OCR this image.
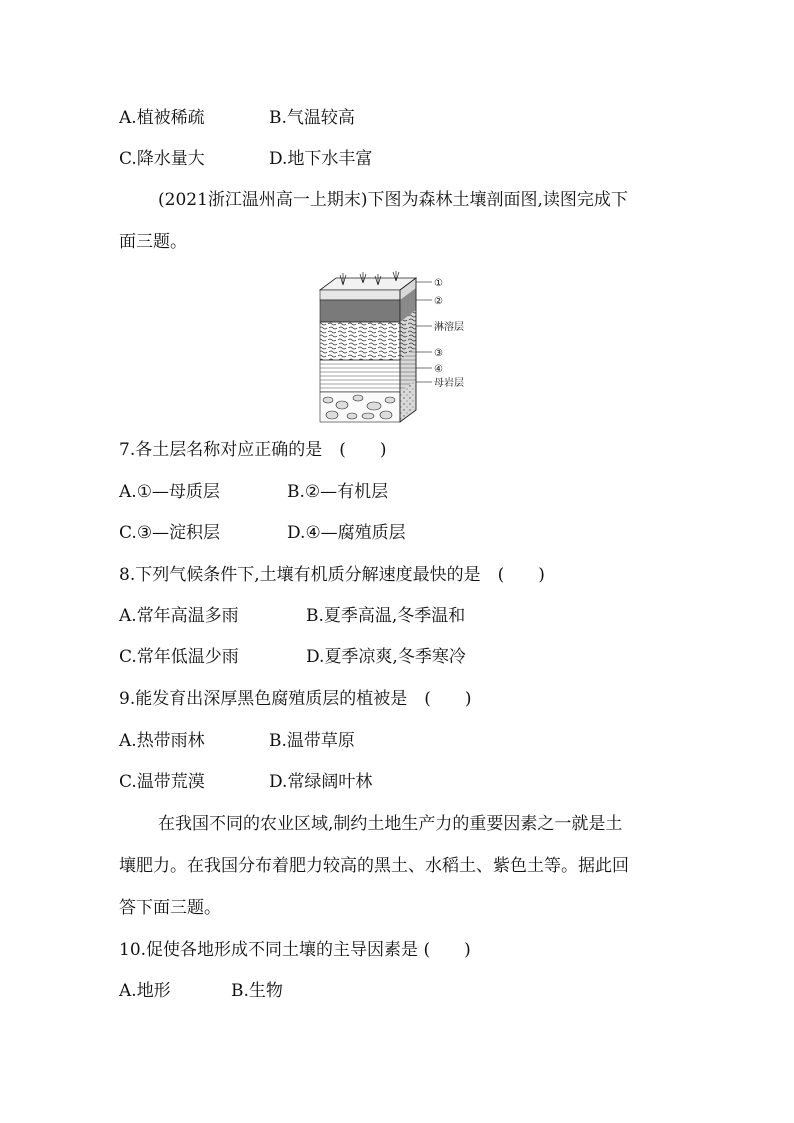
A.植被稀疏	B.气温较高
C.降水量大	D.地下水丰富
(2021浙江温州高一上期末)下图为森林土壤剖面图,读图完成下
面三题。
①
②
淋溶层
③
④
母岩层
7.各土层名称对应正确的是　(　　)
A.①—母质层	B.②—有机层
C.③—淀积层	D.④—腐殖质层
8.下列气候条件下,土壤有机质分解速度最快的是　(　　)
A.常年高温多雨	B.夏季高温,冬季温和
C.常年低温少雨	D.夏季凉爽,冬季寒冷
9.能发育出深厚黑色腐殖质层的植被是　(　　)
A.热带雨林	B.温带草原
C.温带荒漠	D.常绿阔叶林
在我国不同的农业区域,制约土地生产力的重要因素之一就是土
壤肥力。在我国分布着肥力较高的黑土、水稻土、紫色土等。据此回
答下面三题。
10.促使各地形成不同土壤的主导因素是 (　　)
A.地形	B.生物
